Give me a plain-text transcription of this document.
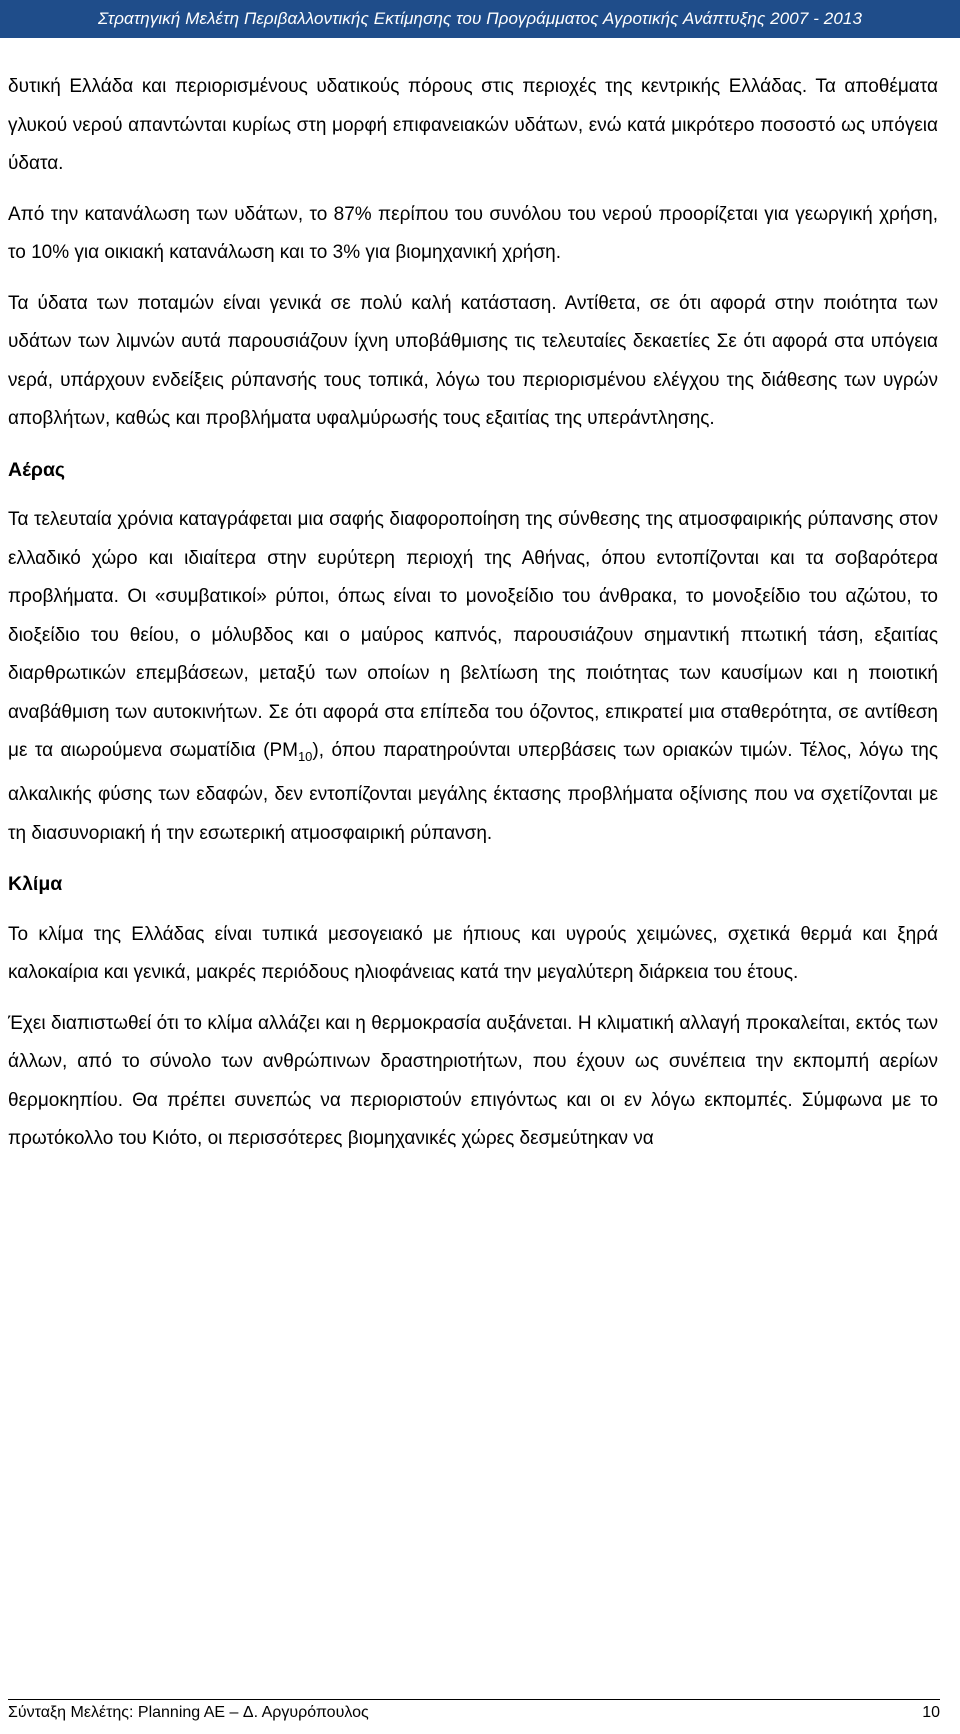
Στρατηγική Μελέτη Περιβαλλοντικής Εκτίμησης του Προγράμματος Αγροτικής Ανάπτυξης 2007 - 2013

δυτική Ελλάδα και περιορισμένους υδατικούς πόρους στις περιοχές της κεντρικής Ελλάδας. Τα αποθέματα γλυκού νερού απαντώνται κυρίως στη μορφή επιφανειακών υδάτων, ενώ κατά μικρότερο ποσοστό ως υπόγεια ύδατα.

Από την κατανάλωση των υδάτων, το 87% περίπου του συνόλου του νερού προορίζεται για γεωργική χρήση, το 10% για οικιακή κατανάλωση και το 3% για βιομηχανική χρήση.

Τα ύδατα των ποταμών είναι γενικά σε πολύ καλή κατάσταση. Αντίθετα, σε ότι αφορά στην ποιότητα των υδάτων των λιμνών αυτά παρουσιάζουν ίχνη υποβάθμισης τις τελευταίες δεκαετίες Σε ότι αφορά στα υπόγεια νερά, υπάρχουν ενδείξεις ρύπανσής τους τοπικά, λόγω του περιορισμένου ελέγχου της διάθεσης των υγρών αποβλήτων, καθώς και προβλήματα υφαλμύρωσής τους εξαιτίας της υπεράντλησης.

Αέρας

Τα τελευταία χρόνια καταγράφεται μια σαφής διαφοροποίηση της σύνθεσης της ατμοσφαιρικής ρύπανσης στον ελλαδικό χώρο και ιδιαίτερα στην ευρύτερη περιοχή της Αθήνας, όπου εντοπίζονται και τα σοβαρότερα προβλήματα. Οι «συμβατικοί» ρύποι, όπως είναι το μονοξείδιο του άνθρακα, το μονοξείδιο του αζώτου, το διοξείδιο του θείου, ο μόλυβδος και ο μαύρος καπνός, παρουσιάζουν σημαντική πτωτική τάση, εξαιτίας διαρθρωτικών επεμβάσεων, μεταξύ των οποίων η βελτίωση της ποιότητας των καυσίμων και η ποιοτική αναβάθμιση των αυτοκινήτων. Σε ότι αφορά στα επίπεδα του όζοντος, επικρατεί μια σταθερότητα, σε αντίθεση με τα αιωρούμενα σωματίδια $(PM_{10})$, όπου παρατηρούνται υπερβάσεις των οριακών τιμών. Τέλος, λόγω της αλκαλικής φύσης των εδαφών, δεν εντοπίζονται μεγάλης έκτασης προβλήματα οξίνισης που να σχετίζονται με τη διασυνοριακή ή την εσωτερική ατμοσφαιρική ρύπανση.

Κλίμα

Το κλίμα της Ελλάδας είναι τυπικά μεσογειακό με ήπιους και υγρούς χειμώνες, σχετικά θερμά και ξηρά καλοκαίρια και γενικά, μακρές περιόδους ηλιοφάνειας κατά την μεγαλύτερη διάρκεια του έτους.

Έχει διαπιστωθεί ότι το κλίμα αλλάζει και η θερμοκρασία αυξάνεται. Η κλιματική αλλαγή προκαλείται, εκτός των άλλων, από το σύνολο των ανθρώπινων δραστηριοτήτων, που έχουν ως συνέπεια την εκπομπή αερίων θερμοκηπίου. Θα πρέπει συνεπώς να περιοριστούν επιγόντως και οι εν λόγω εκπομπές. Σύμφωνα με το πρωτόκολλο του Κιότο, οι περισσότερες βιομηχανικές χώρες δεσμεύτηκαν να

Σύνταξη Μελέτης: Planning AE – Δ. Αργυρόπουλος	10
